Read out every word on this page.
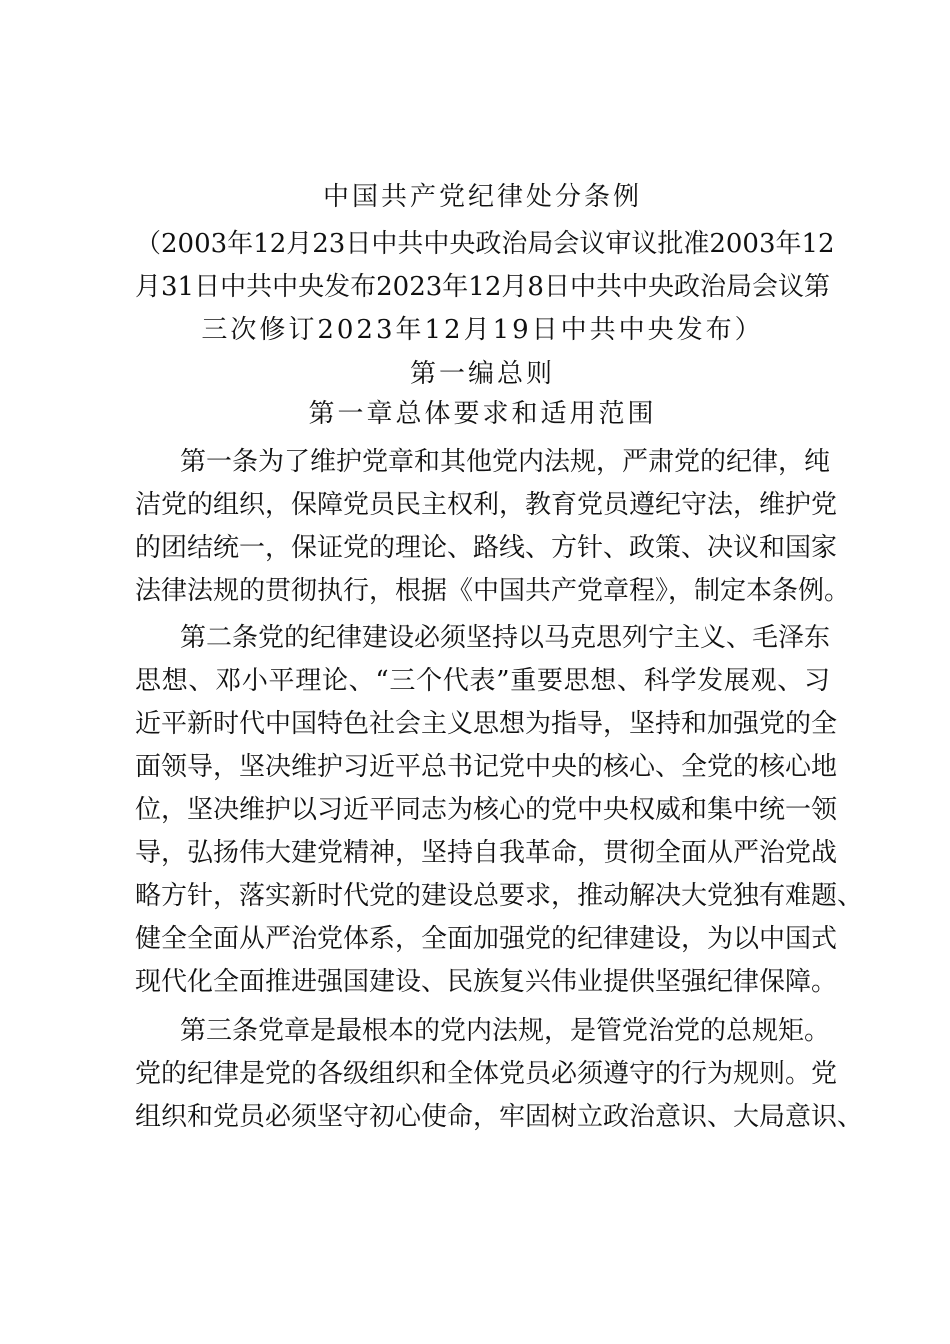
中国共产党纪律处分条例
（2003年12月23日中共中央政治局会议审议批准2003年12
月31日中共中央发布2023年12月8日中共中央政治局会议第
三次修订2023年12月19日中共中央发布）
第一编总则
第一章总体要求和适用范围
第一条为了维护党章和其他党内法规，严肃党的纪律，纯
洁党的组织，保障党员民主权利，教育党员遵纪守法，维护党
的团结统一，保证党的理论、路线、方针、政策、决议和国家
法律法规的贯彻执行，根据《中国共产党章程》，制定本条例。
第二条党的纪律建设必须坚持以马克思列宁主义、毛泽东
思想、邓小平理论、“三个代表”重要思想、科学发展观、习
近平新时代中国特色社会主义思想为指导，坚持和加强党的全
面领导，坚决维护习近平总书记党中央的核心、全党的核心地
位，坚决维护以习近平同志为核心的党中央权威和集中统一领
导，弘扬伟大建党精神，坚持自我革命，贯彻全面从严治党战
略方针，落实新时代党的建设总要求，推动解决大党独有难题、
健全全面从严治党体系，全面加强党的纪律建设，为以中国式
现代化全面推进强国建设、民族复兴伟业提供坚强纪律保障。
第三条党章是最根本的党内法规，是管党治党的总规矩。
党的纪律是党的各级组织和全体党员必须遵守的行为规则。党
组织和党员必须坚守初心使命，牢固树立政治意识、大局意识、
